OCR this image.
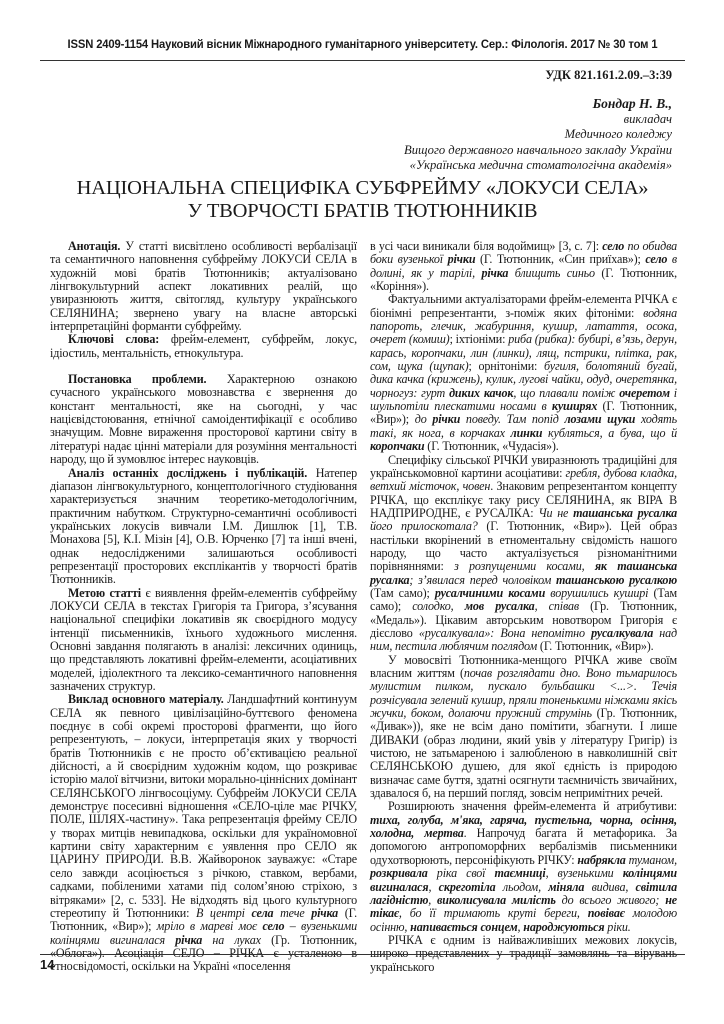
ISSN 2409-1154 Науковий вісник Міжнародного гуманітарного університету. Сер.: Філологія. 2017 № 30 том 1
УДК 821.161.2.09.–3:39
Бондар Н. В.,
викладач
Медичного коледжу
Вищого державного навчального закладу України
«Українська медична стоматологічна академія»
НАЦІОНАЛЬНА СПЕЦИФІКА СУБФРЕЙМУ «ЛОКУСИ СЕЛА»
У ТВОРЧОСТІ БРАТІВ ТЮТЮННИКІВ

Анотація. У статті висвітлено особливості вербалізації та семантичного наповнення субфрейму ЛОКУСИ СЕЛА в художній мові братів Тютюнників; актуалізовано лінгвокультурний аспект локативних реалій, що увиразнюють життя, світогляд, культуру українського СЕЛЯНИНА; звернено увагу на власне авторські інтерпретаційні форманти субфрейму.

Ключові слова: фрейм-елемент, субфрейм, локус, ідіостиль, ментальність, етнокультура.

Постановка проблеми. Характерною ознакою сучасного українського мовознавства є звернення до констант ментальності, яке на сьогодні, у час націєвідстоювання, етнічної самоідентифікації є особливо значущим. Мовне вираження просторової картини світу в літературі надає цінні матеріали для розуміння ментальності народу, що й зумовлює інтерес науковців.

Аналіз останніх досліджень і публікацій. Натепер діапазон лінгвокультурного, концептологічного студіювання характеризується значним теоретико-методологічним, практичним набутком. Структурно-семантичні особливості українських локусів вивчали І.М. Дишлюк [1], Т.В. Монахова [5], К.І. Мізін [4], О.В. Юрченко [7] та інші вчені, однак недослідженими залишаються особливості репрезентації просторових експлікантів у творчості братів Тютюнників.

Метою статті є виявлення фрейм-елементів субфрейму ЛОКУСИ СЕЛА в текстах Григорія та Григора, з’ясування національної специфіки локативів як своєрідного модусу інтенції письменників, їхнього художнього мислення. Основні завдання полягають в аналізі: лексичних одиниць, що представляють локативні фрейм-елементи, асоціативних моделей, ідіолектного та лексико-семантичного наповнення зазначених структур.

Виклад основного матеріалу. Ландшафтний континуум СЕЛА як певного цивілізаційно-буттєвого феномена поєднує в собі окремі просторові фрагменти, що його репрезентують, – локуси, інтерпретація яких у творчості братів Тютюнників є не просто об’єктивацією реальної дійсності, а й своєрідним художнім кодом, що розкриває історію малої вітчизни, витоки морально-ціннісних домінант СЕЛЯНСЬКОГО лінгвосоціуму. Субфрейм ЛОКУСИ СЕЛА демонструє посесивні відношення «СЕЛО-ціле має РІЧКУ, ПОЛЕ, ШЛЯХ-частину». Така репрезентація фрейму СЕЛО у творах митців невипадкова, оскільки для україномовної картини світу характерним є уявлення про СЕЛО як ЦАРИНУ ПРИРОДИ. В.В. Жайворонок зауважує: «Старе село завжди асоціюється з річкою, ставком, вербами, садками, побіленими хатами під солом’яною стріхою, з вітряками» [2, с. 533]. Не відходять від цього культурного стереотипу й Тютюнники: В центрі села тече річка (Г. Тютюнник, «Вир»); мріло в мареві моє село – вузенькими колінцями вигиналася річка на луках (Гр. Тютюнник, «Облога»). Асоціація СЕЛО – РІЧКА є усталеною в етносвідомості, оскільки на Україні «поселення

в усі часи виникали біля водоймищ» [3, с. 7]: село по обидва боки вузенької річки (Г. Тютюнник, «Син приїхав»); село в долині, як у тарілі, річка блищить синьо (Г. Тютюнник, «Коріння»).

Фактуальними актуалізаторами фрейм-елемента РІЧКА є біонімні репрезентанти, з-поміж яких фітоніми: водяна папороть, глечик, жабуриння, кушир, латаття, осока, очерет (комиш); іхтіоніми: риба (рибка): бубирі, в’язь, дерун, карась, коропчаки, лин (линки), лящ, пстрики, плітка, рак, сом, щука (щупак); орнітоніми: бугиля, болотяний бугай, дика качка (крижень), кулик, лугові чайки, одуд, очеретянка, чорногуз: гурт диких качок, що плавали поміж очеретом і шульпотіли плескатими носами в куширях (Г. Тютюнник, «Вир»); до річки поведу. Там попід лозами щуки ходять такі, як нога, в корчаках линки кубляться, а бува, що й коропчаки (Г. Тютюнник, «Чудасія»).

Специфіку сільської РІЧКИ увиразнюють традиційні для українськомовної картини асоціативи: гребля, дубова кладка, ветхий місточок, човен. Знаковим репрезентантом концепту РІЧКА, що експлікує таку рису СЕЛЯНИНА, як ВІРА В НАДПРИРОДНЕ, є РУСАЛКА: Чи не ташанська русалка його прилоскотала? (Г. Тютюнник, «Вир»). Цей образ настільки вкорінений в етноментальну свідомість нашого народу, що часто актуалізується різноманітними порівняннями: з розпущеними косами, як ташанська русалка; з’явилася перед чоловіком ташанською русалкою (Там само); русалчиними косами ворушились куширі (Там само); солодко, мов русалка, співав (Гр. Тютюнник, «Медаль»). Цікавим авторським новотвором Григорія є дієслово «русалкувала»: Вона непомітно русалкувала над ним, пестила люблячим поглядом (Г. Тютюнник, «Вир»).

У мовосвіті Тютюнника-менщого РІЧКА живе своїм власним життям (почав розглядати дно. Воно тьмарилось мулистим пилком, пускало бульбашки <...>. Течія розчісувала зелений кушир, пряли тоненькими ніжками якісь жучки, боком, долаючи пружний струмінь (Гр. Тютюнник, «Дивак»)), яке не всім дано помітити, збагнути. І лише ДИВАКИ (образ людини, який увів у літературу Григір) із чистою, не затьмареною і залюбленою в навколишній світ СЕЛЯНСЬКОЮ душею, для якої єдність із природою визначає саме буття, здатні осягнути таємничість звичайних, здавалося б, на перший погляд, зовсім непримітних речей.

Розширюють значення фрейм-елемента й атрибутиви: тиха, голуба, м'яка, гаряча, пустельна, чорна, осіння, холодна, мертва. Напрочуд багата й метафорика. За допомогою антропоморфних вербалізмів письменники одухотворюють, персоніфікують РІЧКУ: набрякла туманом, розкривала ріка свої таємниці, вузенькими колінцями вигиналася, скреготіла льодом, міняла видива, світила лагідністю, виколисувала милість до всього живого; не тікає, бо її тримають круті береги, повіває молодою осінню, напивається сонцем, народжуються ріки.

РІЧКА є одним із найважливіших межових локусів, широко представлених у традиції замовлянь та вірувань українського

14
